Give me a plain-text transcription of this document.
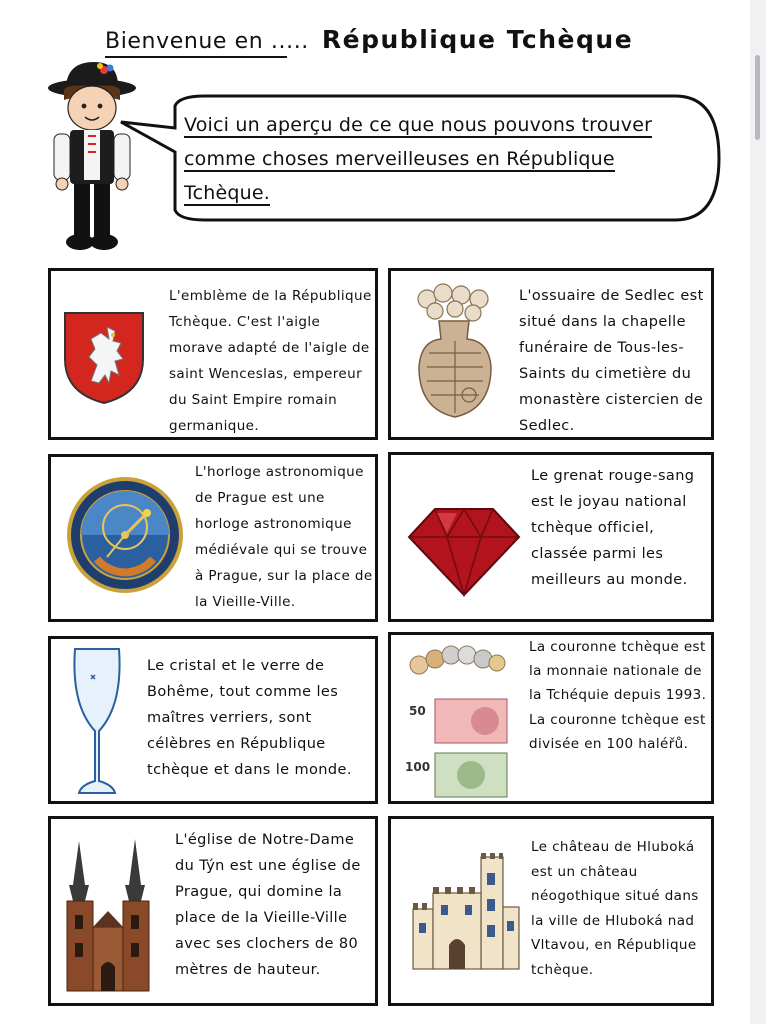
Bienvenue en ..... République Tchèque
Voici un aperçu de ce que nous pouvons trouver
comme choses merveilleuses en République
Tchèque.
L'emblème de la République Tchèque. C'est l'aigle morave adapté de l'aigle de saint Wenceslas, empereur du Saint Empire romain germanique.
L'ossuaire de Sedlec est situé dans la chapelle funéraire de Tous-les-Saints du cimetière du monastère cistercien de Sedlec.
L'horloge astronomique de Prague est une horloge astronomique médiévale qui se trouve à Prague, sur la place de la Vieille-Ville.
Le grenat rouge-sang est le joyau national tchèque officiel, classée parmi les meilleurs au monde.
Le cristal et le verre de Bohême, tout comme les maîtres verriers, sont célèbres en République tchèque et dans le monde.
50
100
La couronne tchèque est la monnaie nationale de la Tchéquie depuis 1993. La couronne tchèque est divisée en 100 haléřů.
L'église de Notre-Dame du Týn est une église de Prague, qui domine la place de la Vieille-Ville avec ses clochers de 80 mètres de hauteur.
Le château de Hluboká est un château néogothique situé dans la ville de Hluboká nad Vltavou, en République tchèque.
